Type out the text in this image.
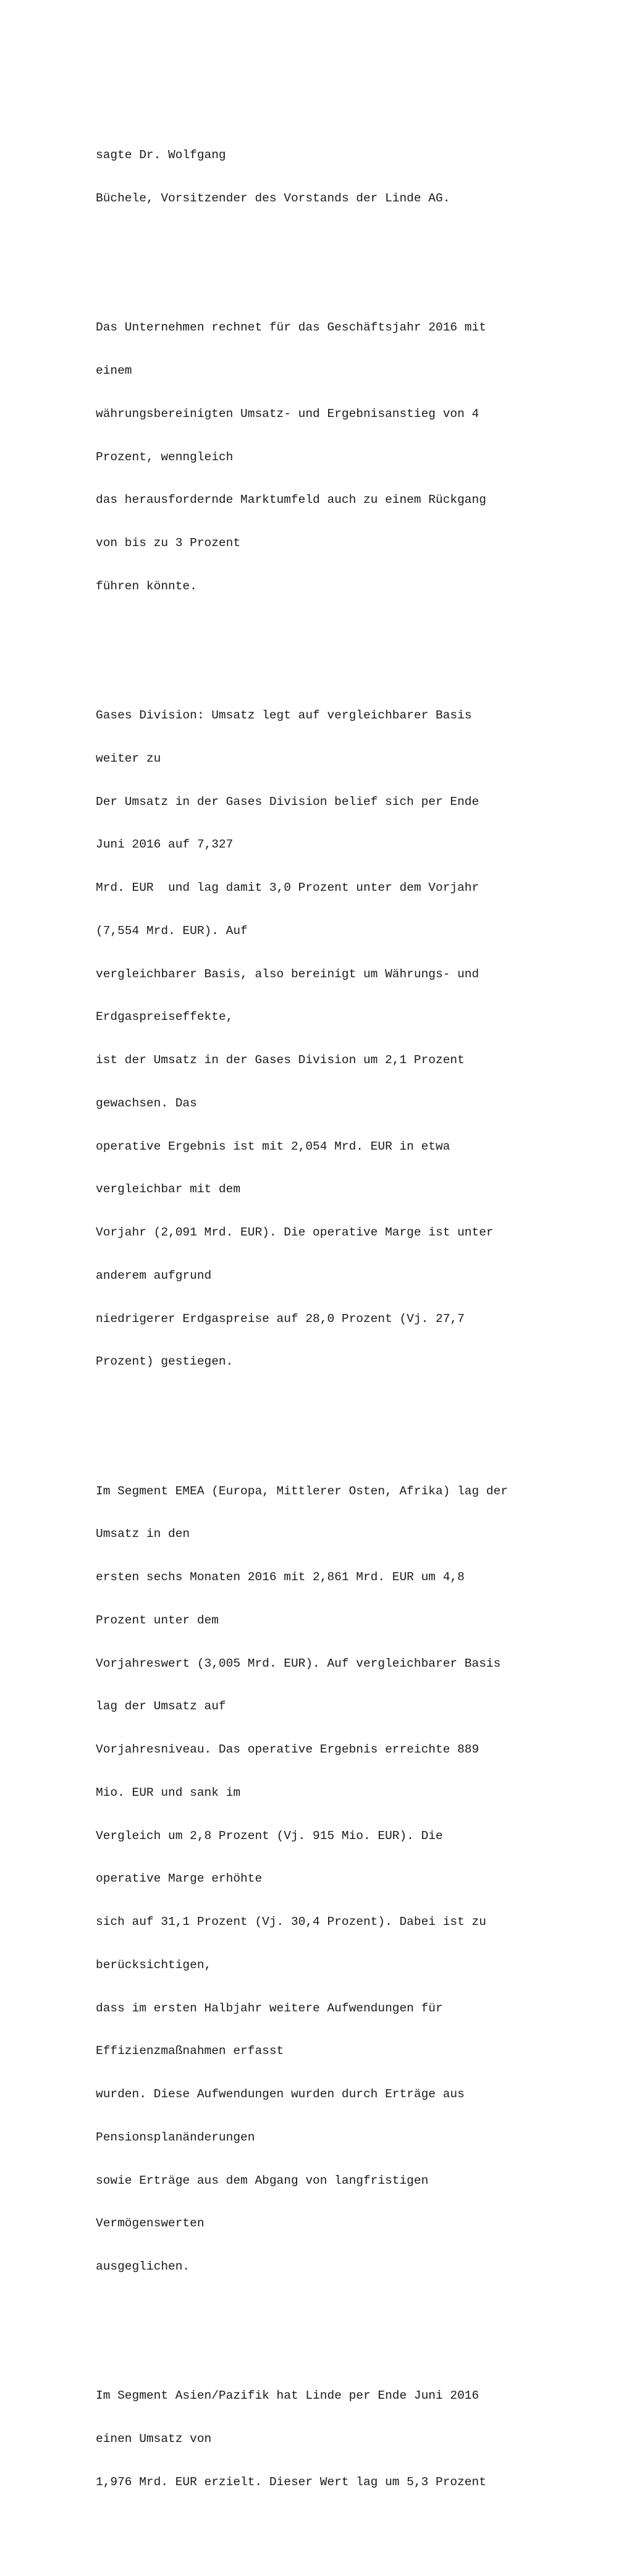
sagte Dr. Wolfgang

Büchele, Vorsitzender des Vorstands der Linde AG.

Das Unternehmen rechnet für das Geschäftsjahr 2016 mit

einem

währungsbereinigten Umsatz- und Ergebnisanstieg von 4

Prozent, wenngleich

das herausfordernde Marktumfeld auch zu einem Rückgang

von bis zu 3 Prozent

führen könnte.

Gases Division: Umsatz legt auf vergleichbarer Basis

weiter zu

Der Umsatz in der Gases Division belief sich per Ende

Juni 2016 auf 7,327

Mrd. EUR  und lag damit 3,0 Prozent unter dem Vorjahr

(7,554 Mrd. EUR). Auf

vergleichbarer Basis, also bereinigt um Währungs- und

Erdgaspreiseffekte,

ist der Umsatz in der Gases Division um 2,1 Prozent

gewachsen. Das

operative Ergebnis ist mit 2,054 Mrd. EUR in etwa

vergleichbar mit dem

Vorjahr (2,091 Mrd. EUR). Die operative Marge ist unter

anderem aufgrund

niedrigerer Erdgaspreise auf 28,0 Prozent (Vj. 27,7

Prozent) gestiegen.

Im Segment EMEA (Europa, Mittlerer Osten, Afrika) lag der

Umsatz in den

ersten sechs Monaten 2016 mit 2,861 Mrd. EUR um 4,8

Prozent unter dem

Vorjahreswert (3,005 Mrd. EUR). Auf vergleichbarer Basis

lag der Umsatz auf

Vorjahresniveau. Das operative Ergebnis erreichte 889

Mio. EUR und sank im

Vergleich um 2,8 Prozent (Vj. 915 Mio. EUR). Die

operative Marge erhöhte

sich auf 31,1 Prozent (Vj. 30,4 Prozent). Dabei ist zu

berücksichtigen,

dass im ersten Halbjahr weitere Aufwendungen für

Effizienzmaßnahmen erfasst

wurden. Diese Aufwendungen wurden durch Erträge aus

Pensionsplanänderungen

sowie Erträge aus dem Abgang von langfristigen

Vermögenswerten

ausgeglichen.

Im Segment Asien/Pazifik hat Linde per Ende Juni 2016

einen Umsatz von

1,976 Mrd. EUR erzielt. Dieser Wert lag um 5,3 Prozent
